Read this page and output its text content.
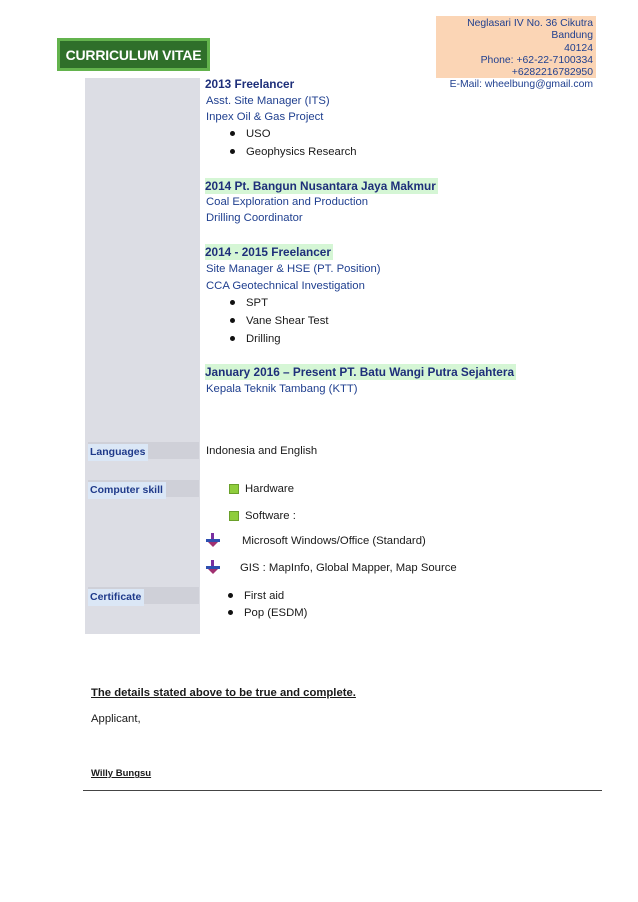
CURRICULUM VITAE
Neglasari IV No. 36 Cikutra Bandung
40124
Phone: +62-22-7100334
+6282216782950
E-Mail: wheelbung@gmail.com
Languages
Computer skill
Certificate
2013 Freelancer
Asst. Site Manager (ITS)
Inpex Oil & Gas Project
USO
Geophysics Research
2014 Pt. Bangun Nusantara Jaya Makmur
Coal Exploration and Production
Drilling Coordinator
2014 - 2015 Freelancer
Site Manager & HSE (PT. Position)
CCA Geotechnical Investigation
SPT
Vane Shear Test
Drilling
January 2016 – Present PT. Batu Wangi Putra Sejahtera
Kepala Teknik Tambang (KTT)
Indonesia and English
Hardware
Software :
Microsoft Windows/Office (Standard)
GIS : MapInfo, Global Mapper, Map Source
First aid
Pop (ESDM)
The details stated above to be true and complete.
Applicant,
Willy Bungsu
